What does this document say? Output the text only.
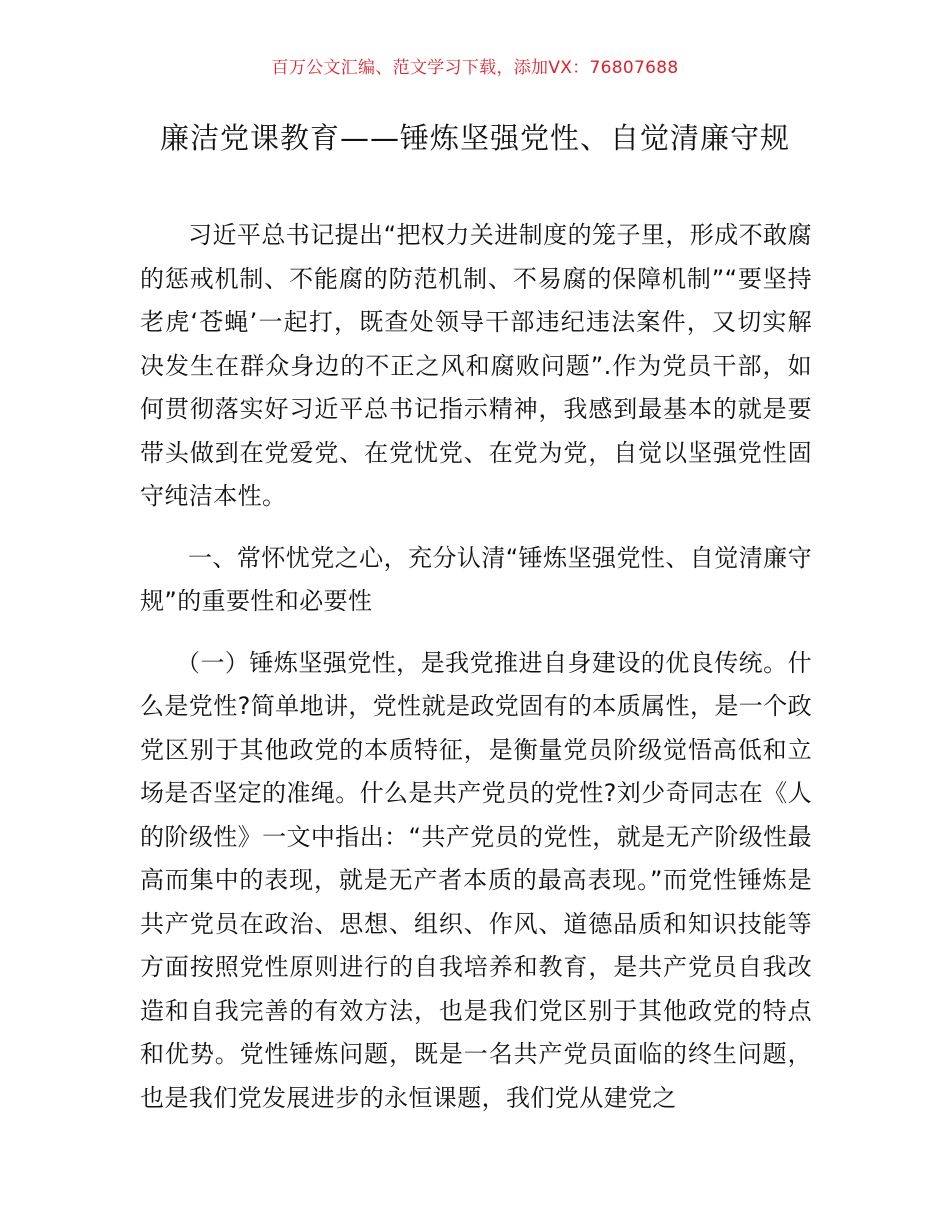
百万公文汇编、范文学习下载，添加VX：76807688
廉洁党课教育——锤炼坚强党性、自觉清廉守规

习近平总书记提出“把权力关进制度的笼子里，形成不敢腐的惩戒机制、不能腐的防范机制、不易腐的保障机制”“要坚持老虎‘苍蝇’一起打，既查处领导干部违纪违法案件，又切实解决发生在群众身边的不正之风和腐败问题”.作为党员干部，如何贯彻落实好习近平总书记指示精神，我感到最基本的就是要带头做到在党爱党、在党忧党、在党为党，自觉以坚强党性固守纯洁本性。

一、常怀忧党之心，充分认清“锤炼坚强党性、自觉清廉守规”的重要性和必要性

（一）锤炼坚强党性，是我党推进自身建设的优良传统。什么是党性?简单地讲，党性就是政党固有的本质属性，是一个政党区别于其他政党的本质特征，是衡量党员阶级觉悟高低和立场是否坚定的准绳。什么是共产党员的党性?刘少奇同志在《人的阶级性》一文中指出：“共产党员的党性，就是无产阶级性最高而集中的表现，就是无产者本质的最高表现。”而党性锤炼是共产党员在政治、思想、组织、作风、道德品质和知识技能等方面按照党性原则进行的自我培养和教育，是共产党员自我改造和自我完善的有效方法，也是我们党区别于其他政党的特点和优势。党性锤炼问题，既是一名共产党员面临的终生问题，也是我们党发展进步的永恒课题，我们党从建党之
